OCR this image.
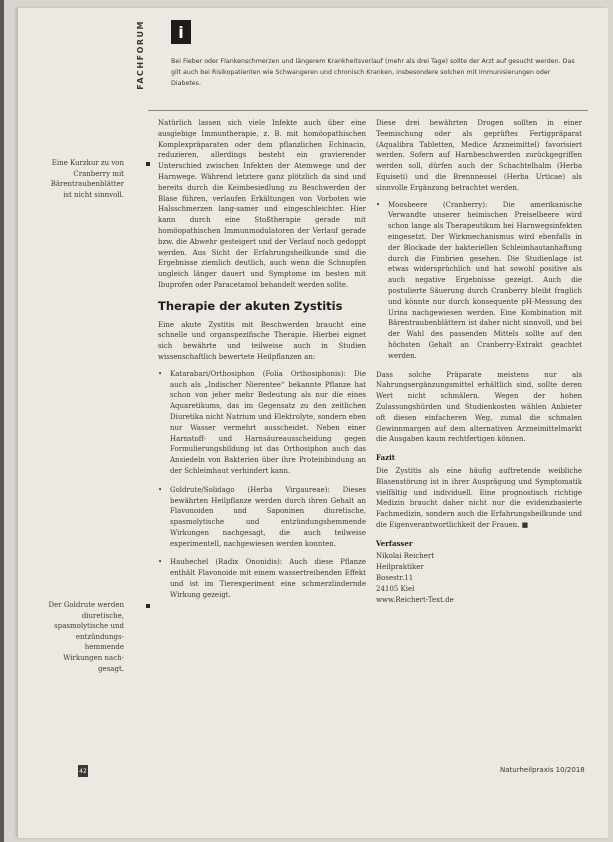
FACHFORUM	i
Bei Fieber oder Flankenschmerzen und längerem Krankheitsverlauf (mehr als drei Tage) sollte der Arzt auf gesucht werden. Das gilt auch bei Risikopatienten wie Schwangeren und chronisch Kranken, insbesondere solchen mit Immunisierungen oder Diabetes.
Eine Kurzkur zu von Cranberry mit Bärentraubenblätter ist nicht sinnvoll.
Der Goldrute werden diuretische, spasmolytische und entzündungs-hemmende Wirkungen nach-gesagt.

Natürlich lassen sich viele Infekte auch über eine ausgiebige Immuntherapie, z. B. mit homöopathischen Komplexpräparaten oder dem pflanzlichen Echinacin, reduzieren, allerdings besteht ein gravierender Unterschied zwischen Infekten der Atemwege und der Harnwege. Während letztere ganz plötzlich da sind und bereits durch die Keimbesiedlung zu Beschwerden der Blase führen, verlaufen Erkältungen von Vorboten wie Halsschmerzen lang-samer und eingeschleichter. Hier kann durch eine Stoßtherapie gerade mit homöopathischen Immunmodulatoren der Verlauf gerade bzw. die Abwehr gesteigert und der Verlauf noch gedoppt werden. Aus Sicht der Erfahrungsheilkunde sind die Ergebnisse ziemlich deutlich, auch wenn die Schnupfen ungleich länger dauert und Symptome im besten mit Ibuprofen oder Paracetamol behandelt werden sollte.

Therapie der akuten Zystitis

Eine akute Zystitis mit Beschwerden braucht eine schnelle und organspezifische Therapie. Hierbei eignet sich bewährte und teilweise auch in Studien wissenschaftlich bewertete Heilpflanzen an:

• Katarabari/Orthosiphon (Folia Orthosiphonis): Die auch als „Indischer Nierentee“ bekannte Pflanze hat schon von jeher mehr Bedeutung als nur die eines Aquaretikums, das im Gegensatz zu den zeitlichen Diuretika nicht Natrium und Elektrolyte, sondern eben nur Wasser vermehrt ausscheidet. Neben einer Harnstoff- und Harnsäureausscheidung gegen Formulierungsbildung ist das Orthosiphon auch das Ansiedeln von Bakterien über ihre Proteinbindung an der Schleimhaut verhindert kann.
• Goldrute/Solidago (Herba Virgaureae): Dieses bewährten Heilpflanze werden durch ihren Gehalt an Flavonoiden und Saponinen diuretische, spasmolytische und entzündungshemmende Wirkungen nachgesagt, die auch teilweise experimentell, nachgewiesen werden konnten.
• Hauhechel (Radix Ononidis): Auch diese Pflanze enthält Flavonoide mit einem wassertreibenden Effekt und ist im Tierexperiment eine schmerzlindernde Wirkung gezeigt.

Diese drei bewährten Drogen sollten in einer Teemischung oder als geprüftes Fertigpräparat (Aqualibra Tabletten, Medice Arzneimittel) favorisiert werden. Sofern auf Harnbeschwerden zurückgegriffen werden soll, dürfen auch der Schachtelhalm (Herba Equiseti) und die Brennnessel (Herba Urticae) als sinnvolle Ergänzung betrachtet werden.

• Moosbeere (Cranberry): Die amerikanische Verwandte unserer heimischen Preiselbeere wird schon lange als Therapeutikum bei Harnwegsinfekten eingesetzt. Der Wirkmechanismus wird ebenfalls in der Blockade der bakteriellen Schleimhautanhaftung durch die Fimbrien gesehen. Die Studienlage ist etwas widersprüchlich und hat sowohl positive als auch negative Ergebnisse gezeigt. Auch die postulierte Säuerung durch Cranberry bleibt fraglich und könnte nur durch konsequente pH-Messung des Urins nachgewiesen werden. Eine Kombination mit Bärentraubenblättern ist daher nicht sinnvoll, und bei der Wahl des passenden Mittels sollte auf den höchsten Gehalt an Cranberry-Extrakt geachtet werden.

Dass solche Präparate meistens nur als Nahrungsergänzungsmittel erhältlich sind, sollte deren Wert nicht schmälern. Wegen der hohen Zulassungshürden und Studienkosten wählen Anbieter oft diesen einfacheren Weg, zumal die schmalen Gewinnmargen auf dem alternativen Arzneimittelmarkt die Ausgaben kaum rechtfertigen können.

Fazit

Die Zystitis als eine häufig auftretende weibliche Blasenstörung ist in ihrer Ausprägung und Symptomatik vielfältig und individuell. Eine prognostisch richtige Medizin braucht daher nicht nur die evidenzbasierte Fachmedizin, sondern auch die Erfahrungsheilkunde und die Eigenverantwortlichkeit der Frauen. ■

Verfasser
Nikolai Reichert
Heilpraktiker
Bosestr.11
24105 Kiel
www.Reichert-Text.de
42	Naturheilpraxis 10/2018
